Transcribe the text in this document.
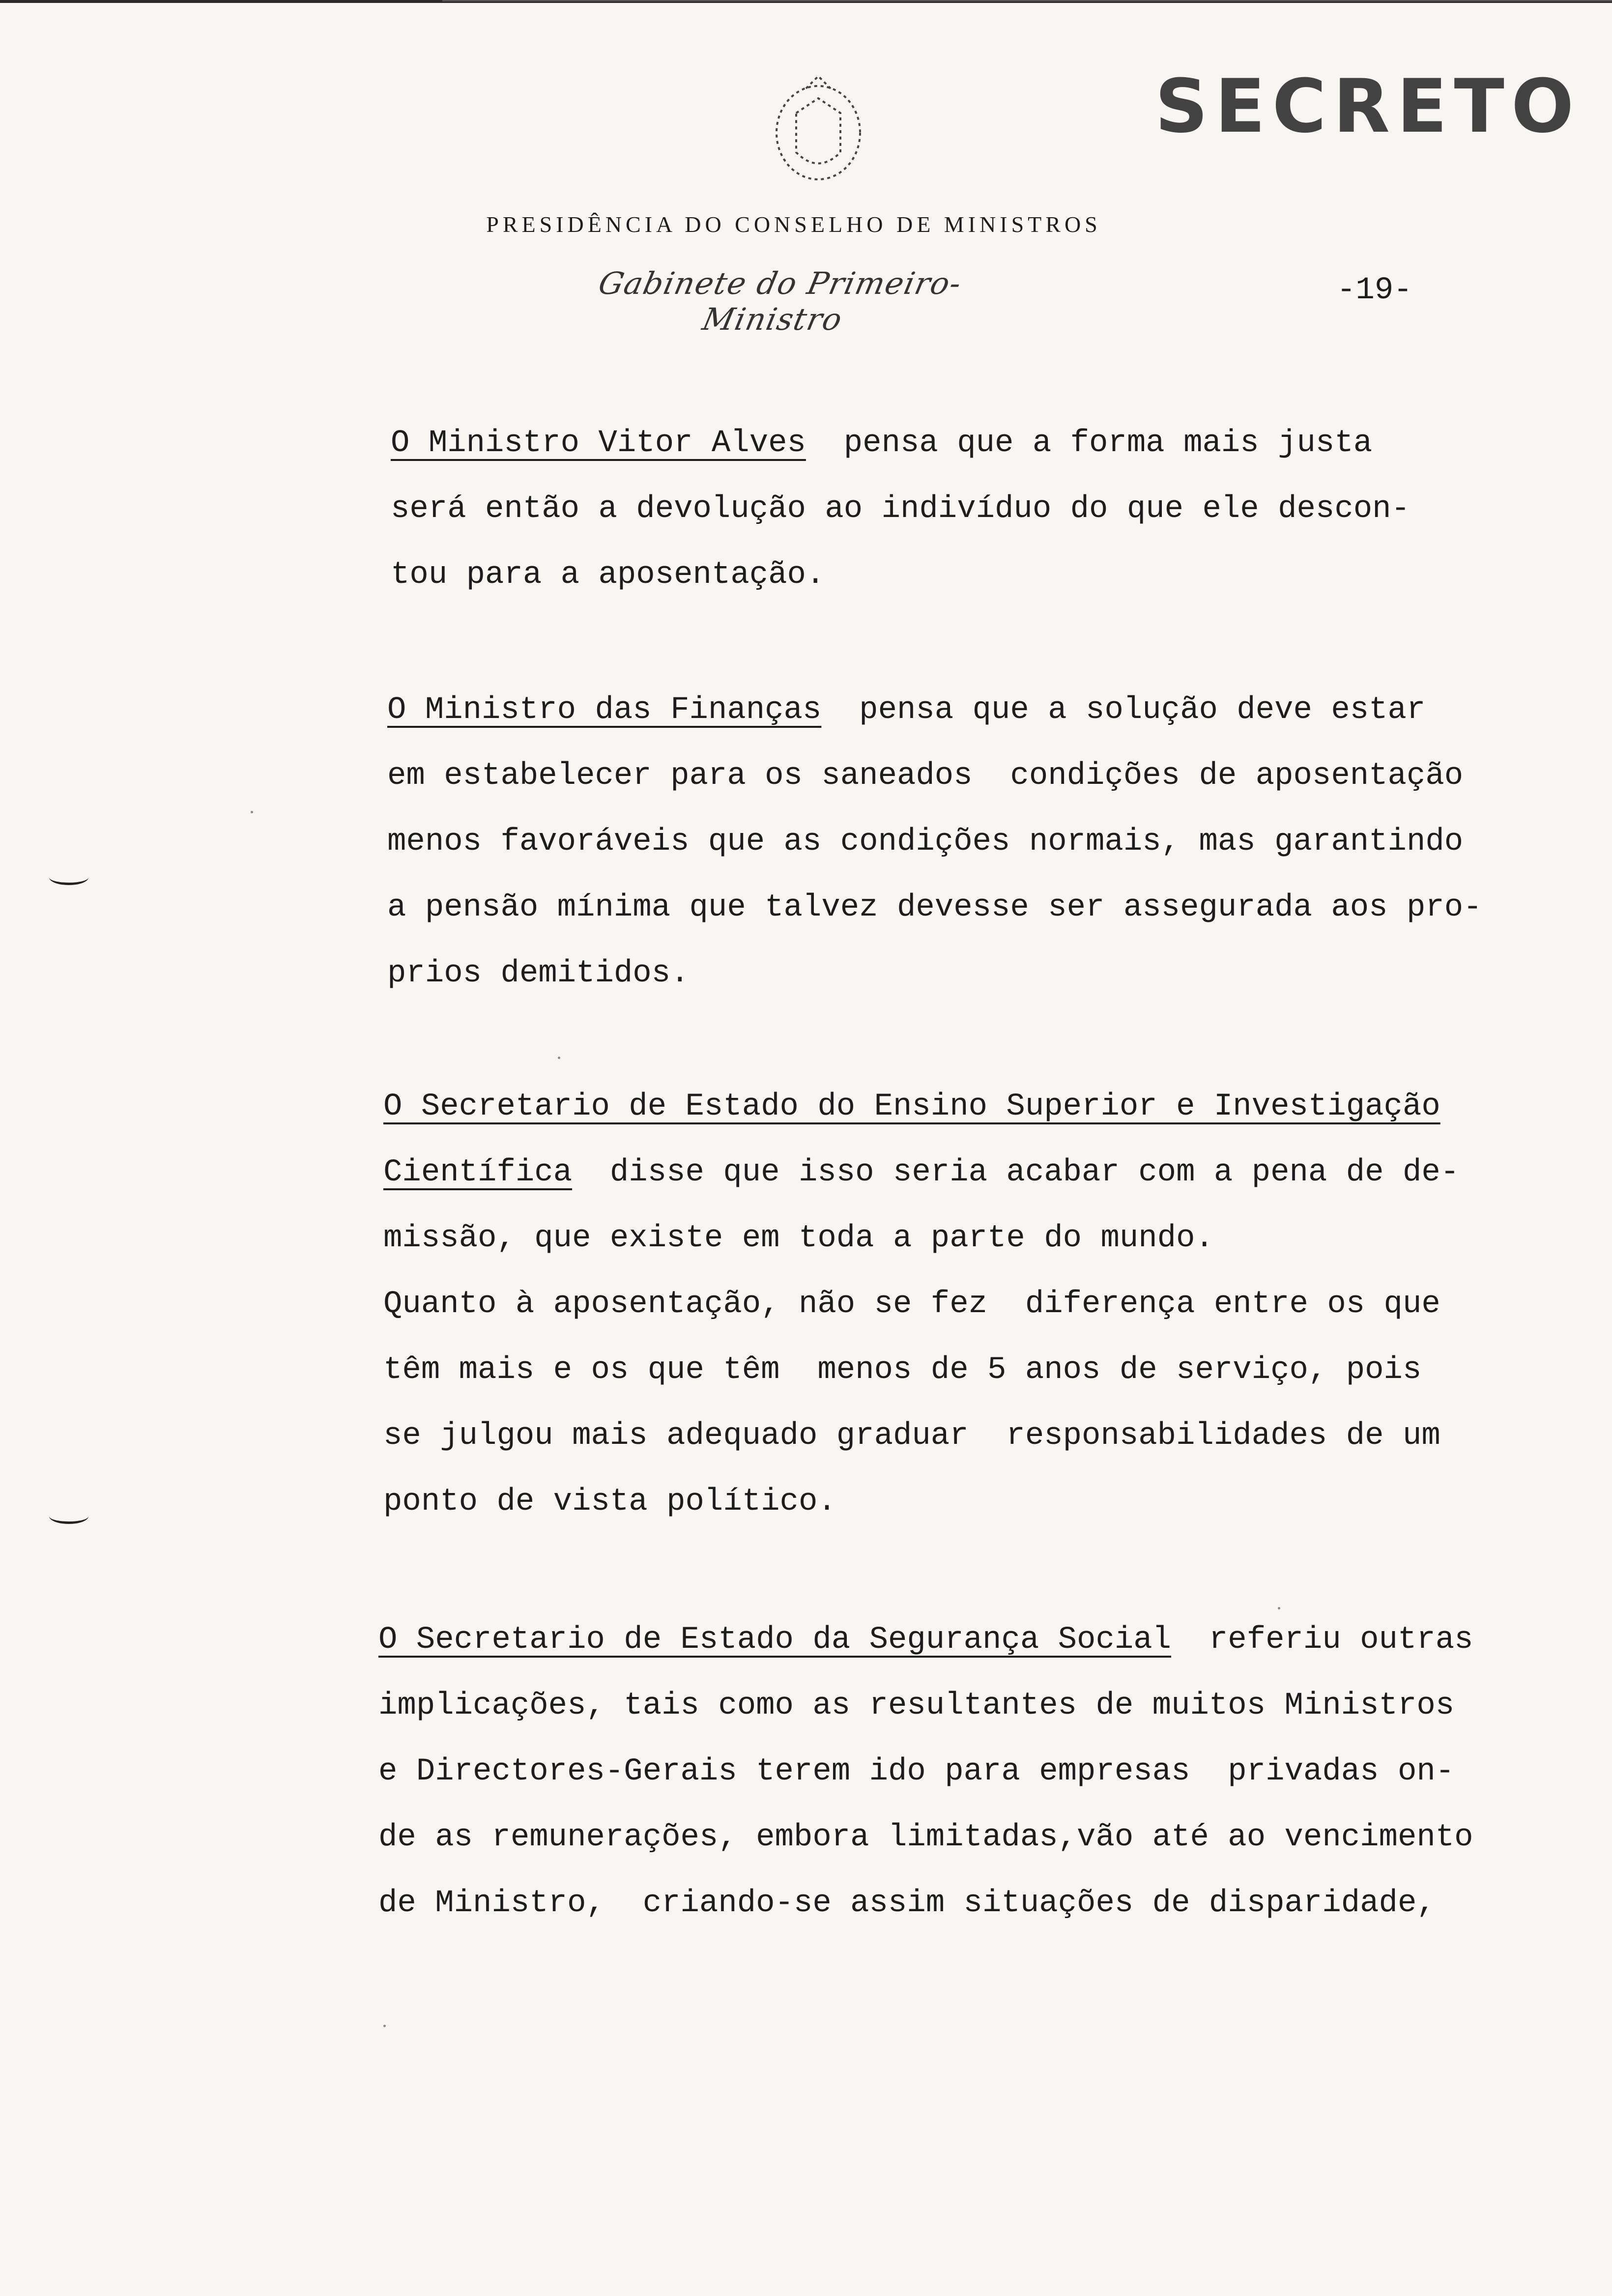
SECRETO
PRESIDÊNCIA DO CONSELHO DE MINISTROS
Gabinete do Primeiro-Ministro
-19-
O Ministro Vitor Alves  pensa que a forma mais justa
será então a devolução ao indivíduo do que ele descon-
tou para a aposentação.
O Ministro das Finanças  pensa que a solução deve estar
em estabelecer para os saneados  condições de aposentação
menos favoráveis que as condições normais, mas garantindo
a pensão mínima que talvez devesse ser assegurada aos pro-
prios demitidos.
O Secretario de Estado do Ensino Superior e Investigação
Científica  disse que isso seria acabar com a pena de de-
missão, que existe em toda a parte do mundo.
Quanto à aposentação, não se fez  diferença entre os que
têm mais e os que têm  menos de 5 anos de serviço, pois
se julgou mais adequado graduar  responsabilidades de um
ponto de vista político.
O Secretario de Estado da Segurança Social  referiu outras
implicações, tais como as resultantes de muitos Ministros
e Directores-Gerais terem ido para empresas  privadas on-
de as remunerações, embora limitadas,vão até ao vencimento
de Ministro,  criando-se assim situações de disparidade,
